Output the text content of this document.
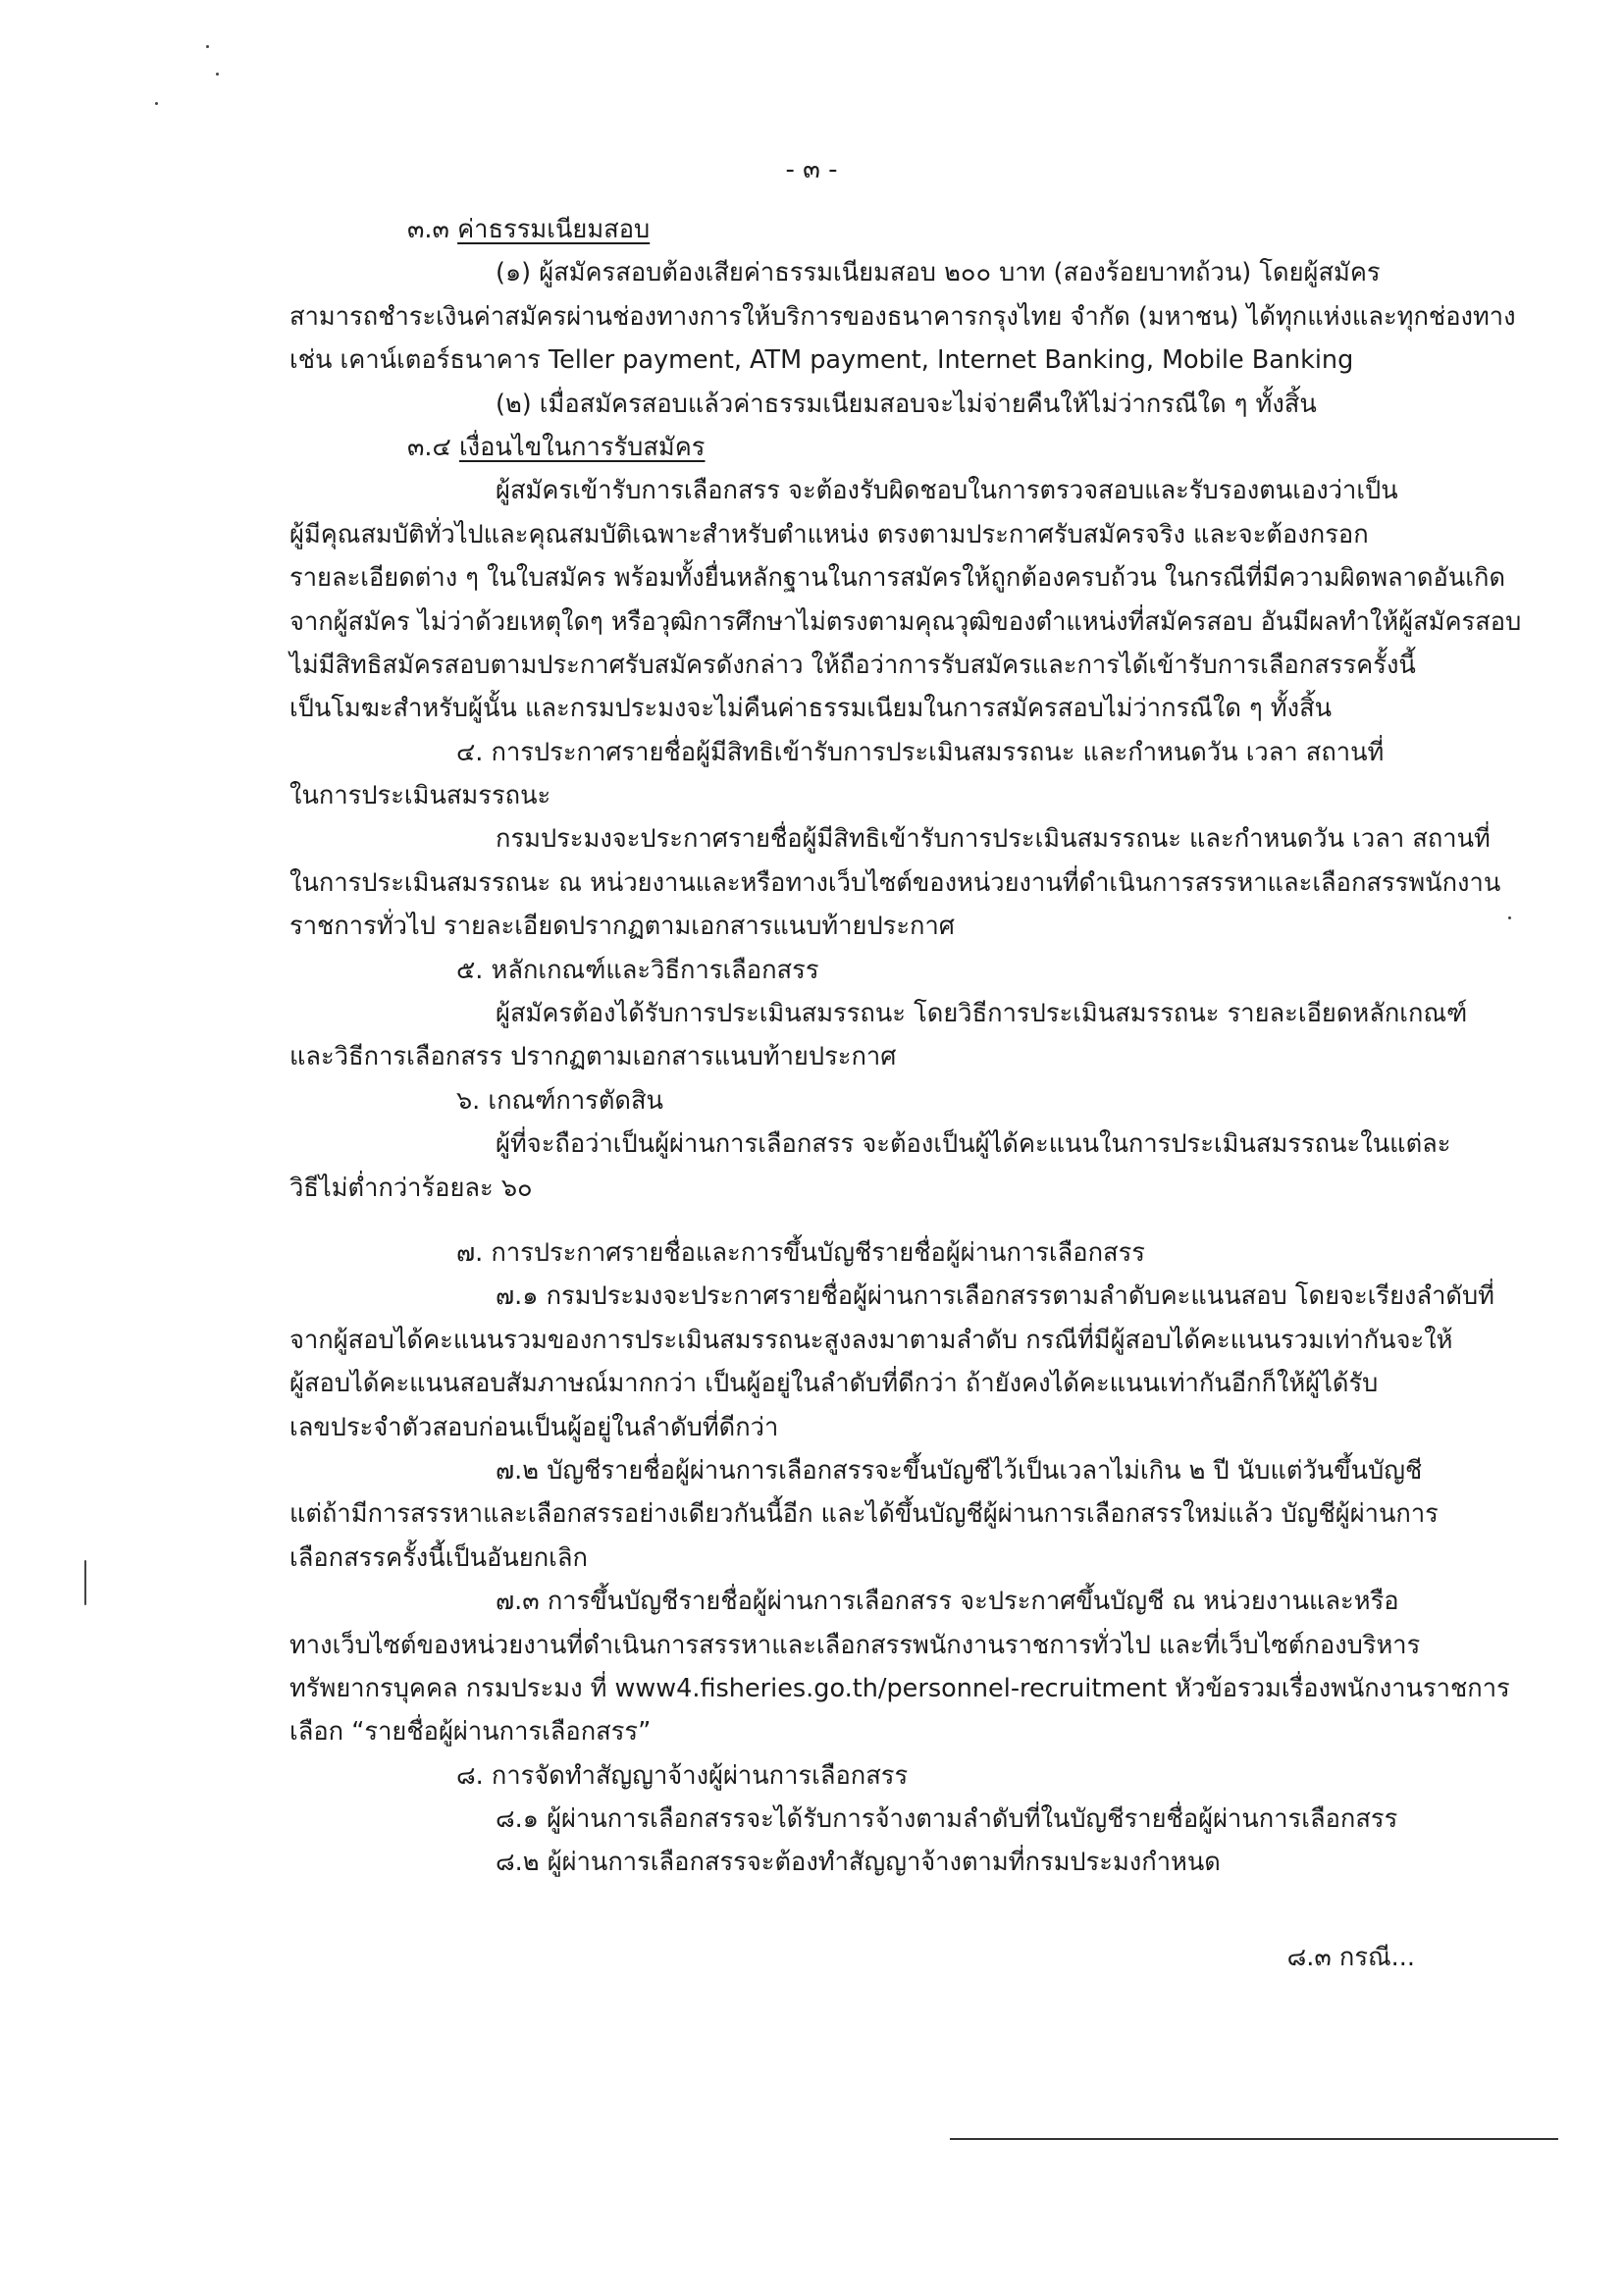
- ๓ -
๓.๓ ค่าธรรมเนียมสอบ
(๑) ผู้สมัครสอบต้องเสียค่าธรรมเนียมสอบ ๒๐๐ บาท (สองร้อยบาทถ้วน) โดยผู้สมัคร
สามารถชำระเงินค่าสมัครผ่านช่องทางการให้บริการของธนาคารกรุงไทย จำกัด (มหาชน) ได้ทุกแห่งและทุกช่องทาง
เช่น เคาน์เตอร์ธนาคาร Teller payment, ATM payment, Internet Banking, Mobile Banking
(๒) เมื่อสมัครสอบแล้วค่าธรรมเนียมสอบจะไม่จ่ายคืนให้ไม่ว่ากรณีใด ๆ ทั้งสิ้น
๓.๔ เงื่อนไขในการรับสมัคร
ผู้สมัครเข้ารับการเลือกสรร จะต้องรับผิดชอบในการตรวจสอบและรับรองตนเองว่าเป็น
ผู้มีคุณสมบัติทั่วไปและคุณสมบัติเฉพาะสำหรับตำแหน่ง ตรงตามประกาศรับสมัครจริง และจะต้องกรอก
รายละเอียดต่าง ๆ ในใบสมัคร พร้อมทั้งยื่นหลักฐานในการสมัครให้ถูกต้องครบถ้วน ในกรณีที่มีความผิดพลาดอันเกิด
จากผู้สมัคร ไม่ว่าด้วยเหตุใดๆ หรือวุฒิการศึกษาไม่ตรงตามคุณวุฒิของตำแหน่งที่สมัครสอบ อันมีผลทำให้ผู้สมัครสอบ
ไม่มีสิทธิสมัครสอบตามประกาศรับสมัครดังกล่าว ให้ถือว่าการรับสมัครและการได้เข้ารับการเลือกสรรครั้งนี้
เป็นโมฆะสำหรับผู้นั้น และกรมประมงจะไม่คืนค่าธรรมเนียมในการสมัครสอบไม่ว่ากรณีใด ๆ ทั้งสิ้น
๔. การประกาศรายชื่อผู้มีสิทธิเข้ารับการประเมินสมรรถนะ และกำหนดวัน เวลา สถานที่
ในการประเมินสมรรถนะ
กรมประมงจะประกาศรายชื่อผู้มีสิทธิเข้ารับการประเมินสมรรถนะ และกำหนดวัน เวลา สถานที่
ในการประเมินสมรรถนะ ณ หน่วยงานและหรือทางเว็บไซต์ของหน่วยงานที่ดำเนินการสรรหาและเลือกสรรพนักงาน
ราชการทั่วไป รายละเอียดปรากฏตามเอกสารแนบท้ายประกาศ
๕. หลักเกณฑ์และวิธีการเลือกสรร
ผู้สมัครต้องได้รับการประเมินสมรรถนะ โดยวิธีการประเมินสมรรถนะ รายละเอียดหลักเกณฑ์
และวิธีการเลือกสรร ปรากฏตามเอกสารแนบท้ายประกาศ
๖. เกณฑ์การตัดสิน
ผู้ที่จะถือว่าเป็นผู้ผ่านการเลือกสรร จะต้องเป็นผู้ได้คะแนนในการประเมินสมรรถนะในแต่ละ
วิธีไม่ต่ำกว่าร้อยละ ๖๐
๗. การประกาศรายชื่อและการขึ้นบัญชีรายชื่อผู้ผ่านการเลือกสรร
๗.๑ กรมประมงจะประกาศรายชื่อผู้ผ่านการเลือกสรรตามลำดับคะแนนสอบ โดยจะเรียงลำดับที่
จากผู้สอบได้คะแนนรวมของการประเมินสมรรถนะสูงลงมาตามลำดับ กรณีที่มีผู้สอบได้คะแนนรวมเท่ากันจะให้
ผู้สอบได้คะแนนสอบสัมภาษณ์มากกว่า เป็นผู้อยู่ในลำดับที่ดีกว่า ถ้ายังคงได้คะแนนเท่ากันอีกก็ให้ผู้ได้รับ
เลขประจำตัวสอบก่อนเป็นผู้อยู่ในลำดับที่ดีกว่า
๗.๒ บัญชีรายชื่อผู้ผ่านการเลือกสรรจะขึ้นบัญชีไว้เป็นเวลาไม่เกิน ๒ ปี นับแต่วันขึ้นบัญชี
แต่ถ้ามีการสรรหาและเลือกสรรอย่างเดียวกันนี้อีก และได้ขึ้นบัญชีผู้ผ่านการเลือกสรรใหม่แล้ว บัญชีผู้ผ่านการ
เลือกสรรครั้งนี้เป็นอันยกเลิก
๗.๓ การขึ้นบัญชีรายชื่อผู้ผ่านการเลือกสรร จะประกาศขึ้นบัญชี ณ หน่วยงานและหรือ
ทางเว็บไซต์ของหน่วยงานที่ดำเนินการสรรหาและเลือกสรรพนักงานราชการทั่วไป และที่เว็บไซต์กองบริหาร
ทรัพยากรบุคคล กรมประมง ที่ www4.fisheries.go.th/personnel-recruitment หัวข้อรวมเรื่องพนักงานราชการ
เลือก “รายชื่อผู้ผ่านการเลือกสรร”
๘. การจัดทำสัญญาจ้างผู้ผ่านการเลือกสรร
๘.๑ ผู้ผ่านการเลือกสรรจะได้รับการจ้างตามลำดับที่ในบัญชีรายชื่อผู้ผ่านการเลือกสรร
๘.๒ ผู้ผ่านการเลือกสรรจะต้องทำสัญญาจ้างตามที่กรมประมงกำหนด
๘.๓ กรณี...
